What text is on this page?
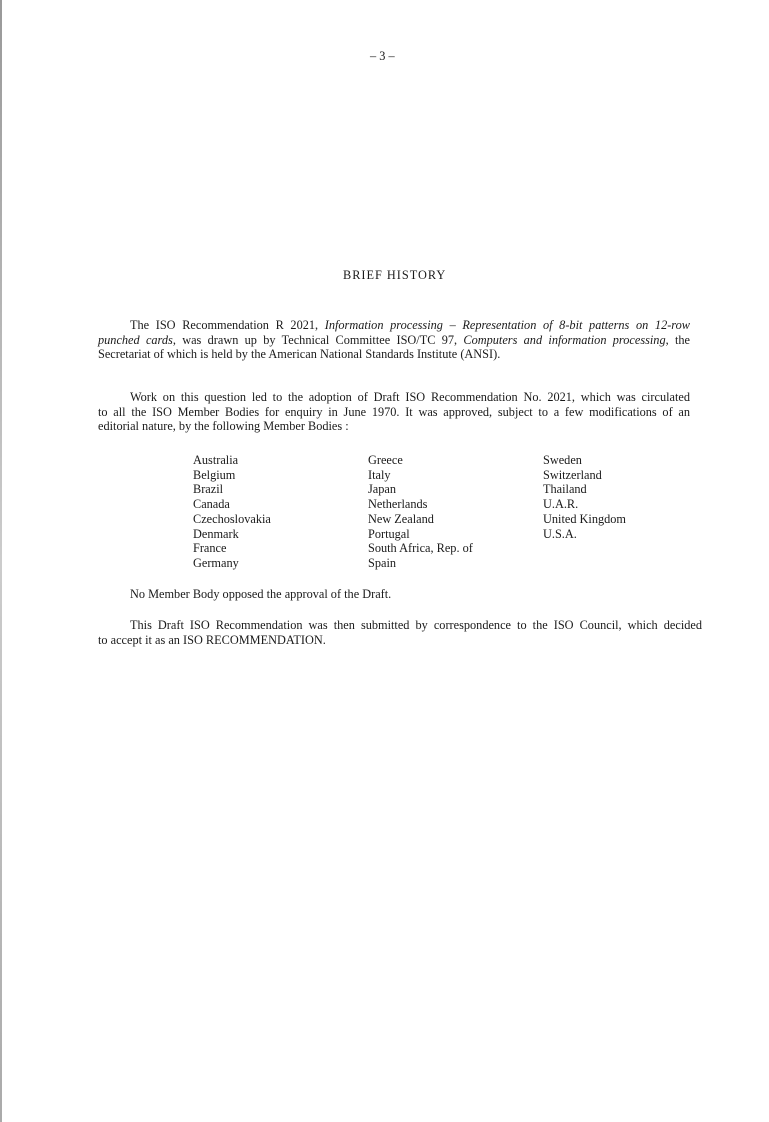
– 3 –
BRIEF HISTORY
The ISO Recommendation R 2021, Information processing – Representation of 8-bit patterns on 12-row
punched cards, was drawn up by Technical Committee ISO/TC 97, Computers and information processing, the
Secretariat of which is held by the American National Standards Institute (ANSI).
Work on this question led to the adoption of Draft ISO Recommendation No. 2021, which was circulated
to all the ISO Member Bodies for enquiry in June 1970. It was approved, subject to a few modifications of an
editorial nature, by the following Member Bodies :
Australia
Belgium
Brazil
Canada
Czechoslovakia
Denmark
France
Germany
Greece
Italy
Japan
Netherlands
New Zealand
Portugal
South Africa, Rep. of
Spain
Sweden
Switzerland
Thailand
U.A.R.
United Kingdom
U.S.A.
No Member Body opposed the approval of the Draft.
This Draft ISO Recommendation was then submitted by correspondence to the ISO Council, which decided
to accept it as an ISO RECOMMENDATION.
